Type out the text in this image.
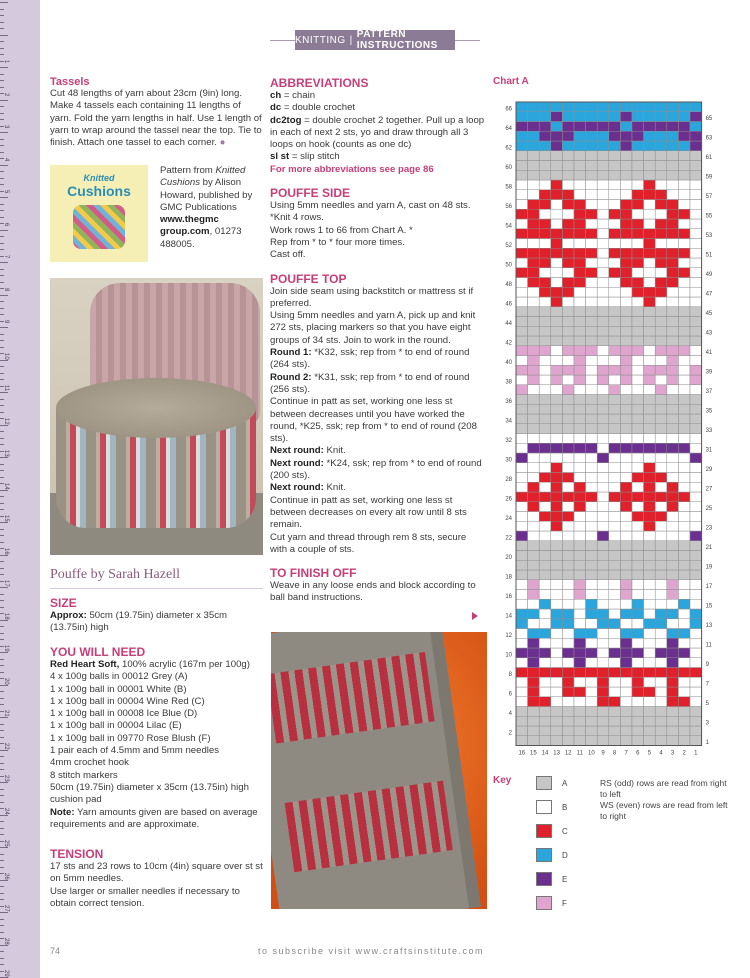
1
2
3
4
5
6
7
8
9
10
11
12
13
14
15
16
17
18
19
20
21
22
23
24
25
26
27
28
29
KNITTING | PATTERN INSTRUCTIONS
Tassels

Cut 48 lengths of yarn about 23cm (9in) long. Make 4 tassels each containing 11 lengths of yarn. Fold the yarn lengths in half. Use 1 length of yarn to wrap around the tassel near the top. Tie to finish. Attach one tassel to each corner. ●

Knitted
Cushions
Pattern from Knitted Cushions by Alison Howard, published by GMC Publications
www.thegmc
group.com, 01273 488005.
Pouffe by Sarah Hazell
SIZE

Approx: 50cm (19.75in) diameter x 35cm (13.75in) high

YOU WILL NEED

Red Heart Soft, 100% acrylic (167m per 100g)

4 x 100g balls in 00012 Grey (A)

1 x 100g ball in 00001 White (B)

1 x 100g ball in 00004 Wine Red (C)

1 x 100g ball in 00008 Ice Blue (D)

1 x 100g ball in 00004 Lilac (E)

1 x 100g ball in 09770 Rose Blush (F)

1 pair each of 4.5mm and 5mm needles

4mm crochet hook

8 stitch markers

50cm (19.75in) diameter x 35cm (13.75in) high cushion pad

Note: Yarn amounts given are based on average requirements and are approximate.

TENSION

17 sts and 23 rows to 10cm (4in) square over st st on 5mm needles.

Use larger or smaller needles if necessary to obtain correct tension.

ABBREVIATIONS

ch = chain

dc = double crochet

dc2tog = double crochet 2 together. Pull up a loop in each of next 2 sts, yo and draw through all 3 loops on hook (counts as one dc)

sl st = slip stitch

For more abbreviations see page 86

POUFFE SIDE

Using 5mm needles and yarn A, cast on 48 sts.

*Knit 4 rows.

Work rows 1 to 66 from Chart A. *

Rep from * to * four more times.

Cast off.

POUFFE TOP

Join side seam using backstitch or mattress st if preferred.

Using 5mm needles and yarn A, pick up and knit 272 sts, placing markers so that you have eight groups of 34 sts. Join to work in the round.

Round 1: *K32, ssk; rep from * to end of round (264 sts).

Round 2: *K31, ssk; rep from * to end of round (256 sts).

Continue in patt as set, working one less st between decreases until you have worked the round, *K25, ssk; rep from * to end of round (208 sts).

Next round: Knit.

Next round: *K24, ssk; rep from * to end of round (200 sts).

Next round: Knit.

Continue in patt as set, working one less st between decreases on every alt row until 8 sts remain.

Cut yarn and thread through rem 8 sts, secure with a couple of sts.

TO FINISH OFF

Weave in any loose ends and block according to ball band instructions.

Chart A
66
64
62
60
58
56
54
52
50
48
46
44
42
40
38
36
34
32
30
28
26
24
22
20
18
16
14
12
10
8
6
4
2
65
63
61
59
57
55
53
51
49
47
45
43
41
39
37
35
33
31
29
27
25
23
21
19
17
15
13
11
9
7
5
3
1
16 15 14 13 12 11 10 9 8 7 6 5 4 3 2 1
Key	A
B
C
D
E
F
RS (odd) rows are read from right to left
WS (even) rows are read from left to right
74	to subscribe visit www.craftsinstitute.com
